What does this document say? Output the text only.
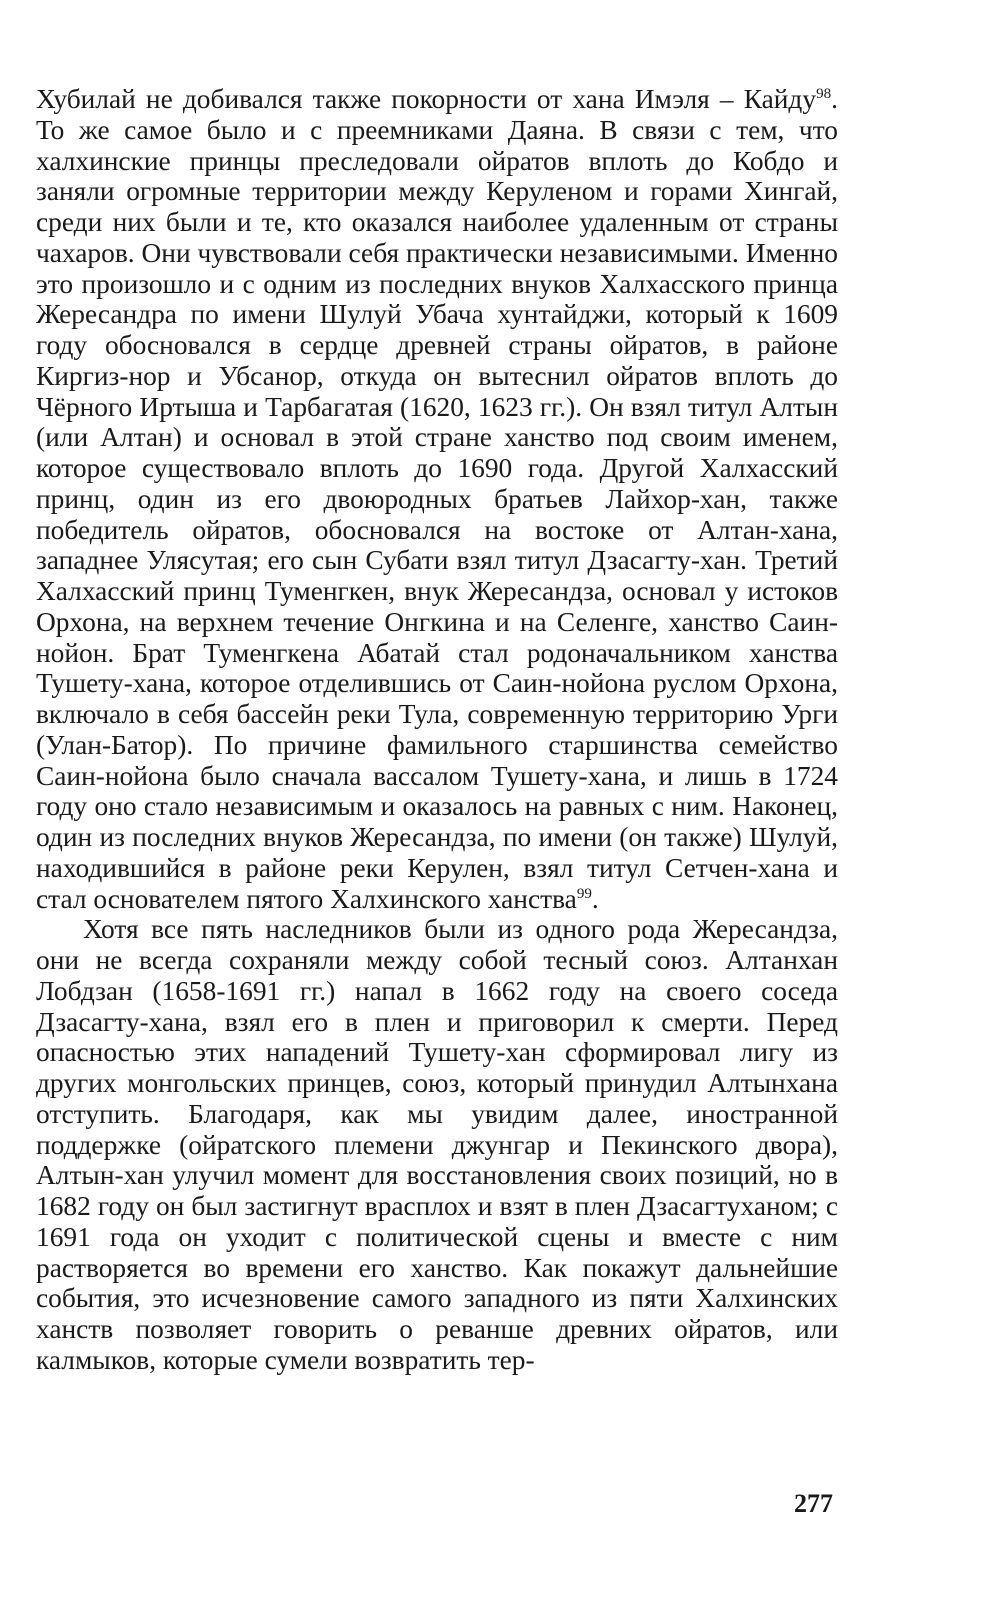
Хубилай не добивался также покорности от хана Имэля – Кайду$^{98}$. То же самое было и с преемниками Даяна. В связи с тем, что халхинские принцы преследовали ойратов вплоть до Кобдо и заняли огромные территории между Керуленом и горами Хингай, среди них были и те, кто оказался наиболее удаленным от страны чахаров. Они чувствовали себя практически независимыми. Именно это произошло и с одним из последних внуков Халхасского принца Жересандра по имени Шулуй Убача хунтайджи, который к 1609 году обосновался в сердце древней страны ойратов, в районе Киргиз-нор и Убсанор, откуда он вытеснил ойратов вплоть до Чёрного Иртыша и Тарбагатая (1620, 1623 гг.). Он взял титул Алтын (или Алтан) и основал в этой стране ханство под своим именем, которое существовало вплоть до 1690 года. Другой Халхасский принц, один из его двоюродных братьев Лайхор-хан, также победитель ойратов, обосновался на востоке от Алтан-хана, западнее Улясутая; его сын Субати взял титул Дзасагту-хан. Третий Халхасский принц Туменгкен, внук Жересандза, основал у истоков Орхона, на верхнем течение Онгкина и на Селенге, ханство Саин-нойон. Брат Туменгкена Абатай стал родоначальником ханства Тушету-хана, которое отделившись от Саин-нойона руслом Орхона, включало в себя бассейн реки Тула, современную территорию Урги (Улан-Батор). По причине фамильного старшинства семейство Саин-нойона было сначала вассалом Тушету-хана, и лишь в 1724 году оно стало независимым и оказалось на равных с ним. Наконец, один из последних внуков Жересандза, по имени (он также) Шулуй, находившийся в районе реки Керулен, взял титул Сетчен-хана и стал основателем пятого Халхинского ханства$^{99}$.

Хотя все пять наследников были из одного рода Жересандза, они не всегда сохраняли между собой тесный союз. Алтанхан Лобдзан (1658-1691 гг.) напал в 1662 году на своего соседа Дзасагту-хана, взял его в плен и приговорил к смерти. Перед опасностью этих нападений Тушету-хан сформировал лигу из других монгольских принцев, союз, который принудил Алтынхана отступить. Благодаря, как мы увидим далее, иностранной поддержке (ойратского племени джунгар и Пекинского двора), Алтын-хан улучил момент для восстановления своих позиций, но в 1682 году он был застигнут врасплох и взят в плен Дзасагтуханом; с 1691 года он уходит с политической сцены и вместе с ним растворяется во времени его ханство. Как покажут дальнейшие события, это исчезновение самого западного из пяти Халхинских ханств позволяет говорить о реванше древних ойратов, или калмыков, которые сумели возвратить тер-

277
